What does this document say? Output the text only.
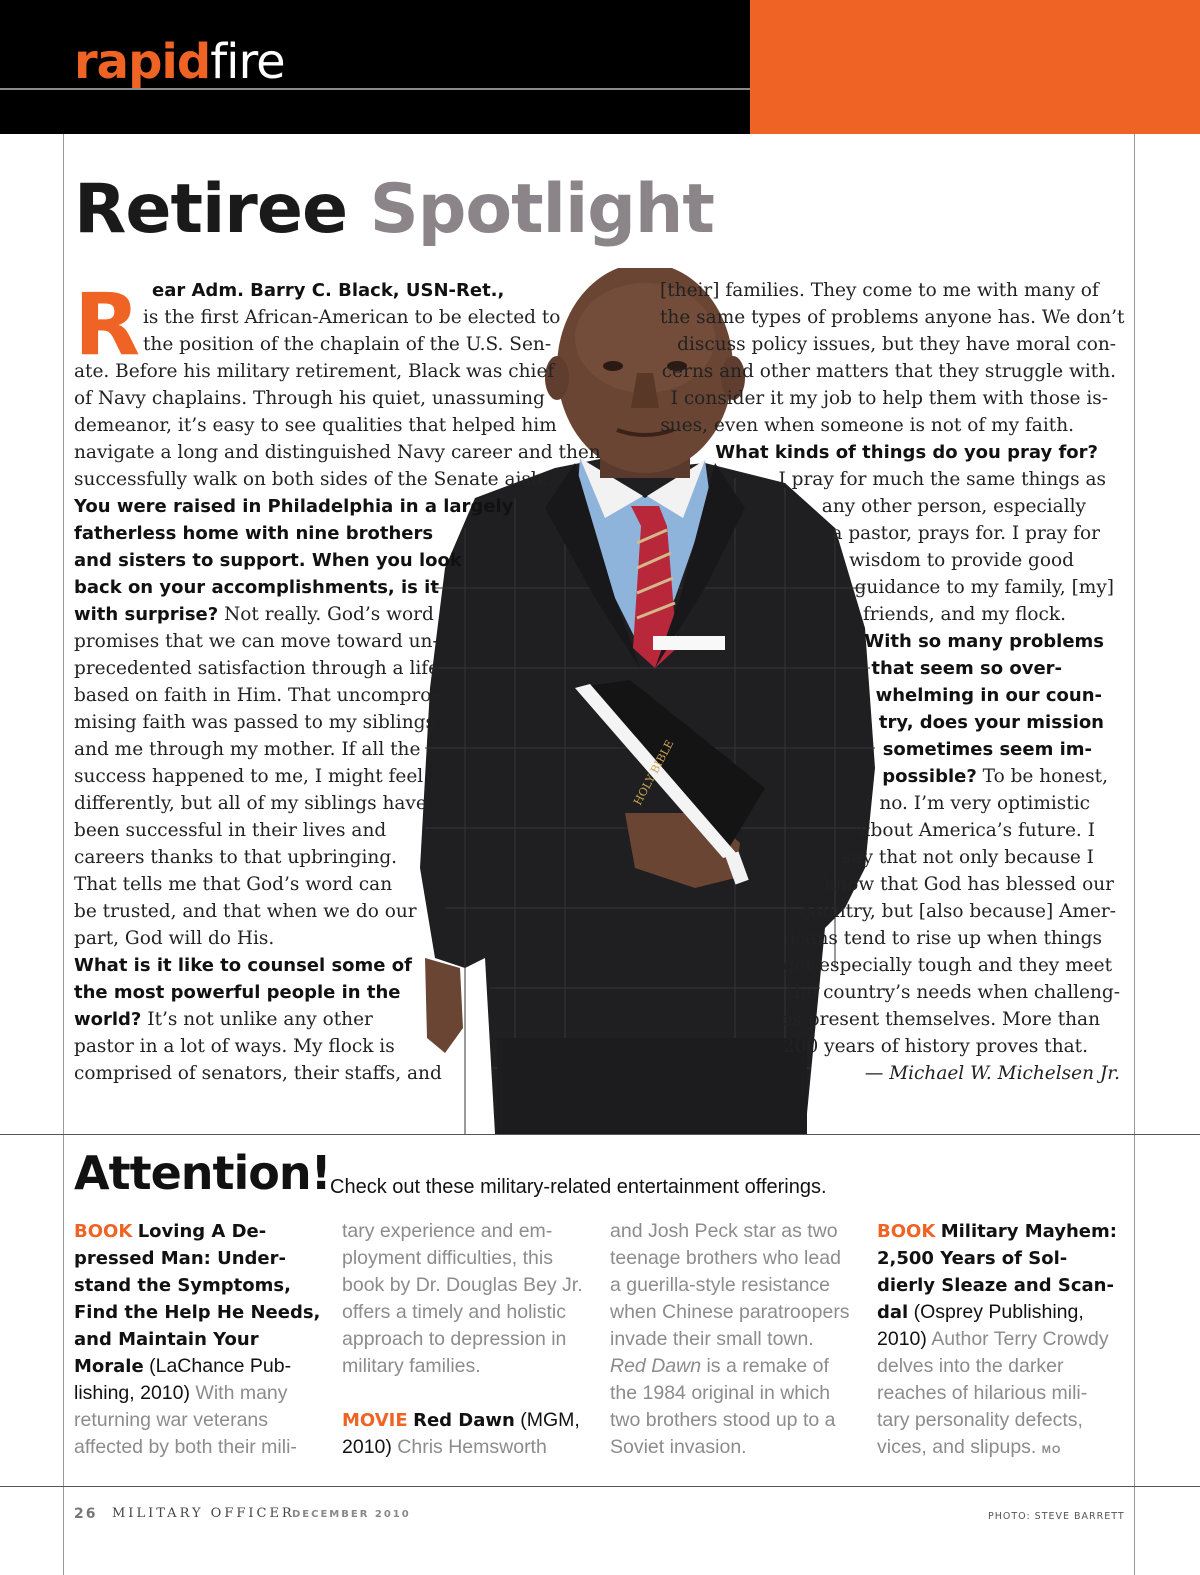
rapidfire
Retiree Spotlight
HOLY BIBLE
R ear Adm. Barry C. Black, USN-Ret.,

is the first African-American to be elected to

the position of the chaplain of the U.S. Sen-

ate. Before his military retirement, Black was chief

of Navy chaplains. Through his quiet, unassuming

demeanor, it’s easy to see qualities that helped him

navigate a long and distinguished Navy career and then

successfully walk on both sides of the Senate aisle.

You were raised in Philadelphia in a largely

fatherless home with nine brothers

and sisters to support. When you look

back on your accomplishments, is it

with surprise? Not really. God’s word

promises that we can move toward un-

precedented satisfaction through a life

based on faith in Him. That uncompro-

mising faith was passed to my siblings

and me through my mother. If all the

success happened to me, I might feel

differently, but all of my siblings have

been successful in their lives and

careers thanks to that upbringing.

That tells me that God’s word can

be trusted, and that when we do our

part, God will do His.

What is it like to counsel some of

the most powerful people in the

world? It’s not unlike any other

pastor in a lot of ways. My flock is

comprised of senators, their staffs, and

[their] families. They come to me with many of

the same types of problems anyone has. We don’t

discuss policy issues, but they have moral con-

cerns and other matters that they struggle with.

I consider it my job to help them with those is-

sues, even when someone is not of my faith.

What kinds of things do you pray for?

I pray for much the same things as

any other person, especially

a pastor, prays for. I pray for

wisdom to provide good

guidance to my family, [my]

friends, and my flock.

With so many problems

that seem so over-

whelming in our coun-

try, does your mission

sometimes seem im-

possible? To be honest,

no. I’m very optimistic

about America’s future. I

say that not only because I

know that God has blessed our

country, but [also because] Amer-

icans tend to rise up when things

get especially tough and they meet

the country’s needs when challeng-

es present themselves. More than

200 years of history proves that.

— Michael W. Michelsen Jr.

Attention! Check out these military-related entertainment offerings.
BOOK Loving A De-
pressed Man: Under-
stand the Symptoms,
Find the Help He Needs,
and Maintain Your
Morale (LaChance Pub-
lishing, 2010) With many
returning war veterans
affected by both their mili-
tary experience and em-
ployment difficulties, this
book by Dr. Douglas Bey Jr.
offers a timely and holistic
approach to depression in
military families.
MOVIE Red Dawn (MGM,
2010) Chris Hemsworth
and Josh Peck star as two
teenage brothers who lead
a guerilla-style resistance
when Chinese paratroopers
invade their small town.
Red Dawn is a remake of
the 1984 original in which
two brothers stood up to a
Soviet invasion.
BOOK Military Mayhem:
2,500 Years of Sol-
dierly Sleaze and Scan-
dal (Osprey Publishing,
2010) Author Terry Crowdy
delves into the darker
reaches of hilarious mili-
tary personality defects,
vices, and slipups. MO
26 MILITARY OFFICER
DECEMBER 2010	PHOTO: STEVE BARRETT
